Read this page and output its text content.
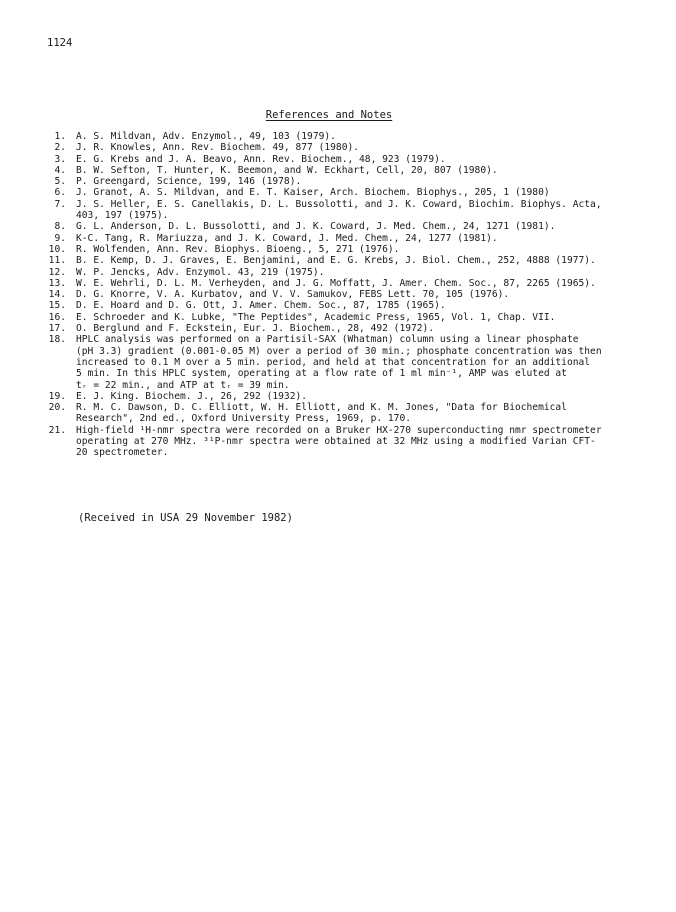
1124
References and Notes
1. A. S. Mildvan, Adv. Enzymol., 49, 103 (1979).
2. J. R. Knowles, Ann. Rev. Biochem. 49, 877 (1980).
3. E. G. Krebs and J. A. Beavo, Ann. Rev. Biochem., 48, 923 (1979).
4. B. W. Sefton, T. Hunter, K. Beemon, and W. Eckhart, Cell, 20, 807 (1980).
5. P. Greengard, Science, 199, 146 (1978).
6. J. Granot, A. S. Mildvan, and E. T. Kaiser, Arch. Biochem. Biophys., 205, 1 (1980)
7. J. S. Heller, E. S. Canellakis, D. L. Bussolotti, and J. K. Coward, Biochim. Biophys. Acta,
403, 197 (1975).
8. G. L. Anderson, D. L. Bussolotti, and J. K. Coward, J. Med. Chem., 24, 1271 (1981).
9. K-C. Tang, R. Mariuzza, and J. K. Coward, J. Med. Chem., 24, 1277 (1981).
10. R. Wolfenden, Ann. Rev. Biophys. Bioeng., 5, 271 (1976).
11. B. E. Kemp, D. J. Graves, E. Benjamini, and E. G. Krebs, J. Biol. Chem., 252, 4888 (1977).
12. W. P. Jencks, Adv. Enzymol. 43, 219 (1975).
13. W. E. Wehrli, D. L. M. Verheyden, and J. G. Moffatt, J. Amer. Chem. Soc., 87, 2265 (1965).
14. D. G. Knorre, V. A. Kurbatov, and V. V. Samukov, FEBS Lett. 70, 105 (1976).
15. D. E. Hoard and D. G. Ott, J. Amer. Chem. Soc., 87, 1785 (1965).
16. E. Schroeder and K. Lubke, "The Peptides", Academic Press, 1965, Vol. 1, Chap. VII.
17. O. Berglund and F. Eckstein, Eur. J. Biochem., 28, 492 (1972).
18. HPLC analysis was performed on a Partisil-SAX (Whatman) column using a linear phosphate
(pH 3.3) gradient (0.001-0.05 M) over a period of 30 min.; phosphate concentration was then
increased to 0.1 M over a 5 min. period, and held at that concentration for an additional
5 min. In this HPLC system, operating at a flow rate of 1 ml min⁻¹, AMP was eluted at
tᵣ = 22 min., and ATP at tᵣ = 39 min.
19. E. J. King. Biochem. J., 26, 292 (1932).
20. R. M. C. Dawson, D. C. Elliott, W. H. Elliott, and K. M. Jones, "Data for Biochemical
Research", 2nd ed., Oxford University Press, 1969, p. 170.
21. High-field ¹H-nmr spectra were recorded on a Bruker HX-270 superconducting nmr spectrometer
operating at 270 MHz. ³¹P-nmr spectra were obtained at 32 MHz using a modified Varian CFT-
20 spectrometer.
(Received in USA 29 November 1982)
